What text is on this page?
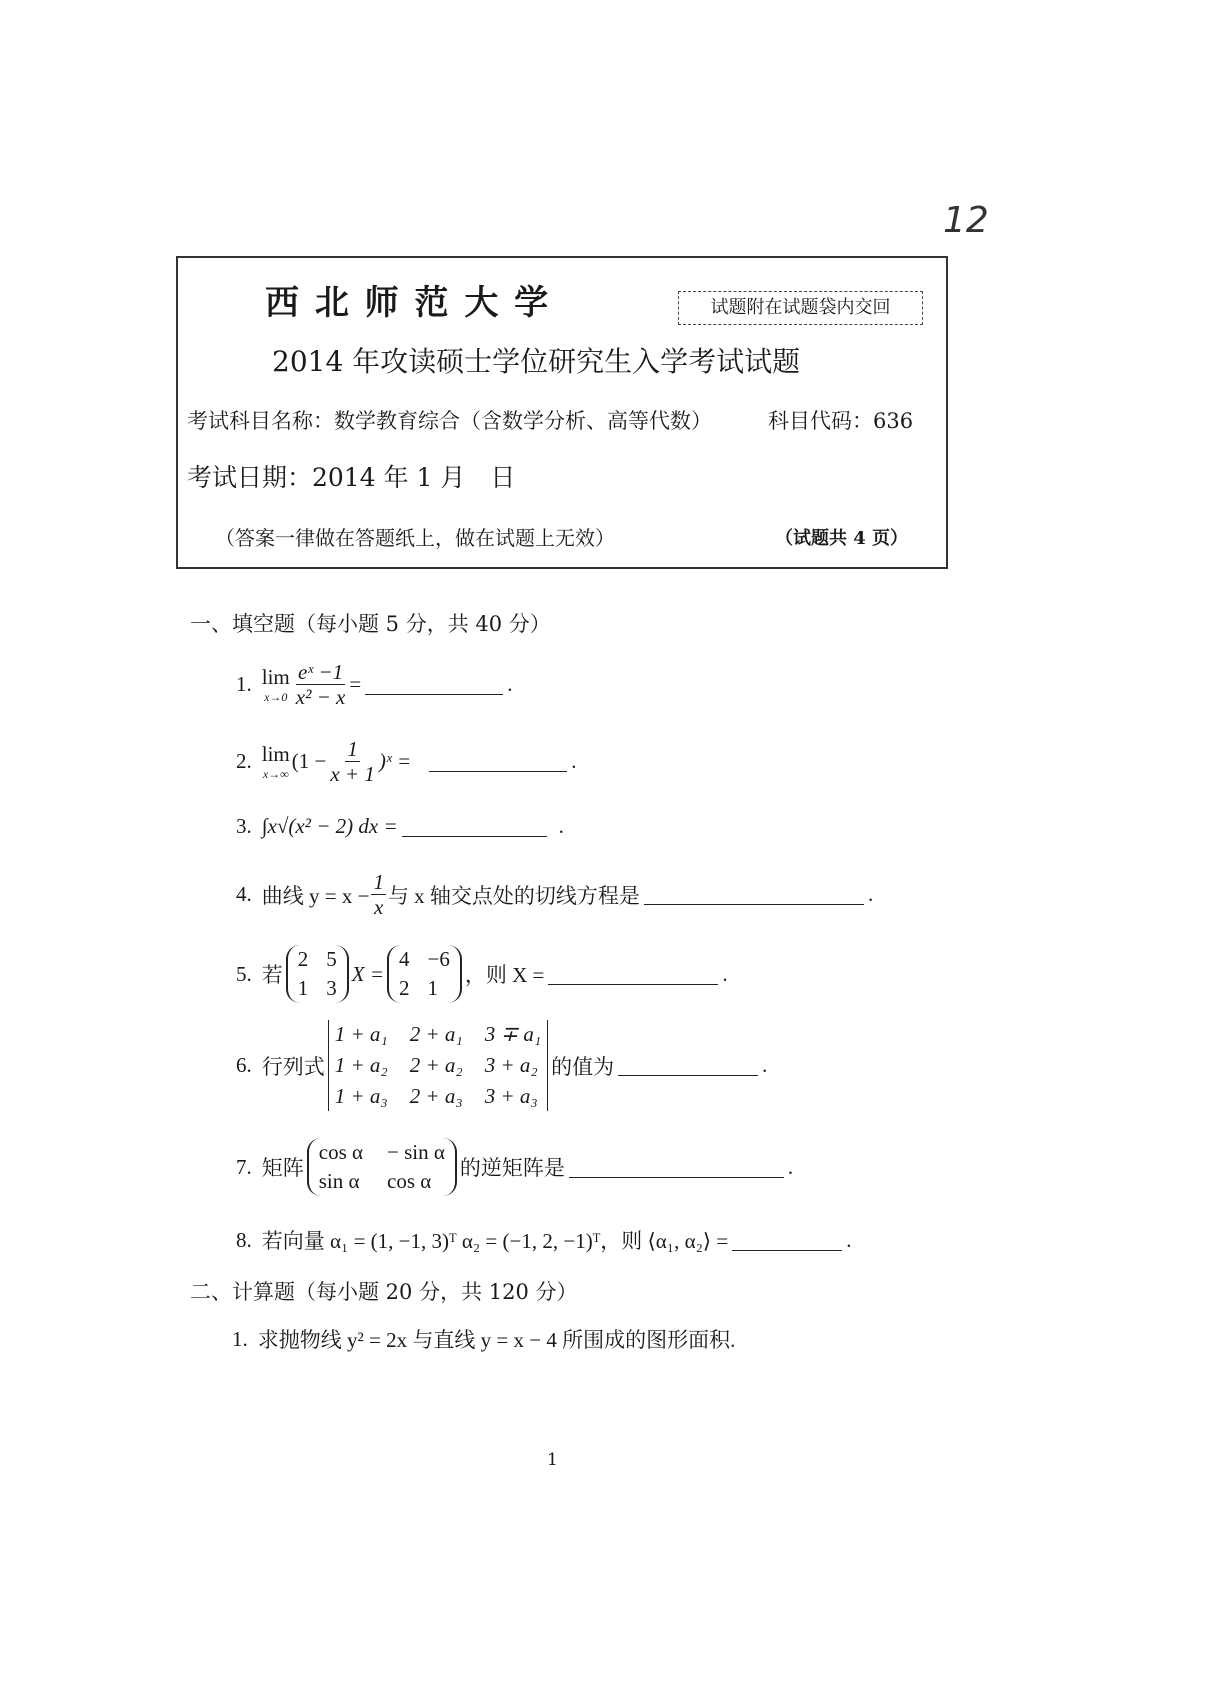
12
西 北 师 范 大 学	试题附在试题袋内交回
2014 年攻读硕士学位研究生入学考试试题
考试科目名称：数学教育综合（含数学分析、高等代数）	科目代码：636
考试日期：2014 年 1 月　日
（答案一律做在答题纸上，做在试题上无效）	（试题共 4 页）
一、填空题（每小题 5 分，共 40 分）
1. lim
$x\to 0 \frac{\text{eˣ −1}}{\text{x² − x}}$ =	.
2. lim
x→∞
($1 - \frac{1}{x + 1}$ )ˣ =	.
3. ∫x√(x² − 2) dx =	.
4. 曲线 $y = x - \frac{1}{x}$ 与 x 轴交点处的切线方程是	.
5. 若
2 5
1 3
X =
4 −6
2 1
，则 X =	.
6. 行列式
1 + a₁ 2 + a₁ 3 ∓ a₁
1 + a₂ 2 + a₂ 3 + a₂
1 + a₃ 2 + a₃ 3 + a₃
的值为	.
7. 矩阵
cos α − sin α
sin α cos α
的逆矩阵是	.
8. 若向量 α₁ = (1, −1, 3)ᵀ α₂ = (−1, 2, −1)ᵀ，则 ⟨α₁, α₂⟩ =	.
二、计算题（每小题 20 分，共 120 分）
1. 求抛物线 y² = 2x 与直线 y = x − 4 所围成的图形面积.
1
